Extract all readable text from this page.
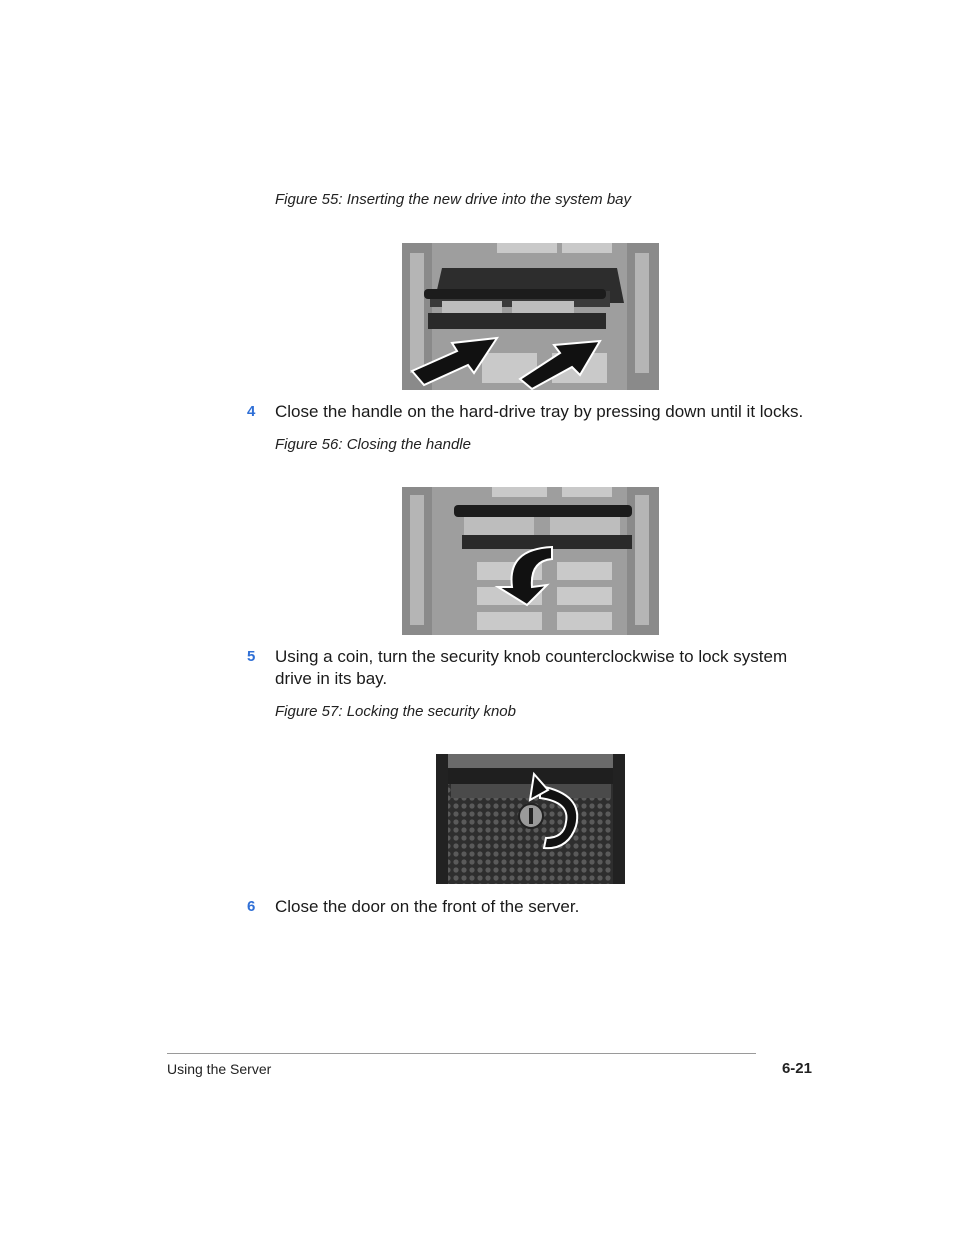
Figure 55: Inserting the new drive into the system bay
4 Close the handle on the hard-drive tray by pressing down until it locks.
Figure 56: Closing the handle
5 Using a coin, turn the security knob counterclockwise to lock system drive in its bay.
Figure 57: Locking the security knob
6 Close the door on the front of the server.
Using the Server	6-21
